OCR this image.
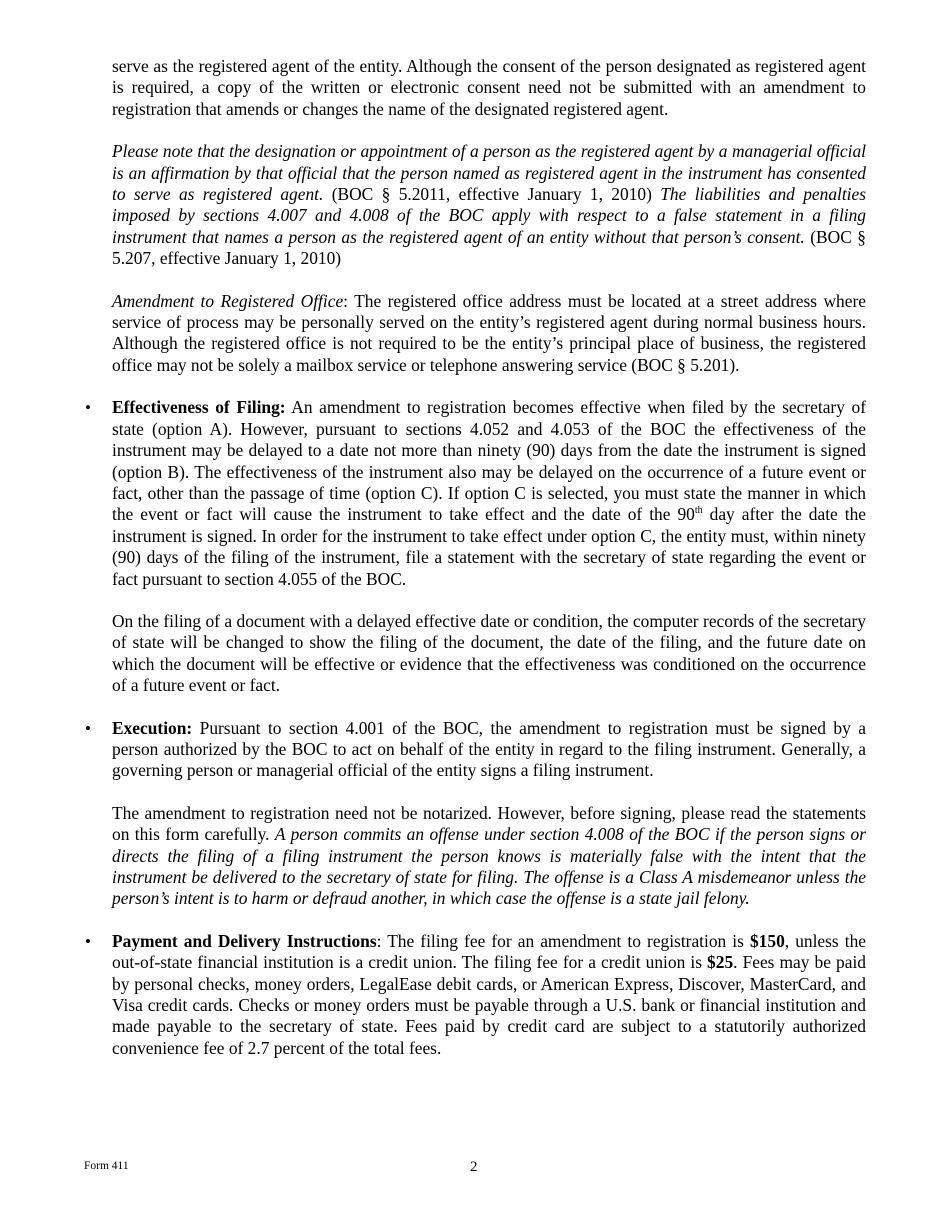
serve as the registered agent of the entity. Although the consent of the person designated as registered agent is required, a copy of the written or electronic consent need not be submitted with an amendment to registration that amends or changes the name of the designated registered agent.

Please note that the designation or appointment of a person as the registered agent by a managerial official is an affirmation by that official that the person named as registered agent in the instrument has consented to serve as registered agent. (BOC § 5.2011, effective January 1, 2010) The liabilities and penalties imposed by sections 4.007 and 4.008 of the BOC apply with respect to a false statement in a filing instrument that names a person as the registered agent of an entity without that person’s consent. (BOC § 5.207, effective January 1, 2010)

Amendment to Registered Office: The registered office address must be located at a street address where service of process may be personally served on the entity’s registered agent during normal business hours. Although the registered office is not required to be the entity’s principal place of business, the registered office may not be solely a mailbox service or telephone answering service (BOC § 5.201).

• Effectiveness of Filing: An amendment to registration becomes effective when filed by the secretary of state (option A). However, pursuant to sections 4.052 and 4.053 of the BOC the effectiveness of the instrument may be delayed to a date not more than ninety (90) days from the date the instrument is signed (option B). The effectiveness of the instrument also may be delayed on the occurrence of a future event or fact, other than the passage of time (option C). If option C is selected, you must state the manner in which the event or fact will cause the instrument to take effect and the date of the 90th day after the date the instrument is signed. In order for the instrument to take effect under option C, the entity must, within ninety (90) days of the filing of the instrument, file a statement with the secretary of state regarding the event or fact pursuant to section 4.055 of the BOC.

On the filing of a document with a delayed effective date or condition, the computer records of the secretary of state will be changed to show the filing of the document, the date of the filing, and the future date on which the document will be effective or evidence that the effectiveness was conditioned on the occurrence of a future event or fact.

• Execution: Pursuant to section 4.001 of the BOC, the amendment to registration must be signed by a person authorized by the BOC to act on behalf of the entity in regard to the filing instrument. Generally, a governing person or managerial official of the entity signs a filing instrument.

The amendment to registration need not be notarized. However, before signing, please read the statements on this form carefully. A person commits an offense under section 4.008 of the BOC if the person signs or directs the filing of a filing instrument the person knows is materially false with the intent that the instrument be delivered to the secretary of state for filing. The offense is a Class A misdemeanor unless the person’s intent is to harm or defraud another, in which case the offense is a state jail felony.

• Payment and Delivery Instructions: The filing fee for an amendment to registration is $150, unless the out-of-state financial institution is a credit union. The filing fee for a credit union is $25. Fees may be paid by personal checks, money orders, LegalEase debit cards, or American Express, Discover, MasterCard, and Visa credit cards. Checks or money orders must be payable through a U.S. bank or financial institution and made payable to the secretary of state. Fees paid by credit card are subject to a statutorily authorized convenience fee of 2.7 percent of the total fees.

Form 411	2
